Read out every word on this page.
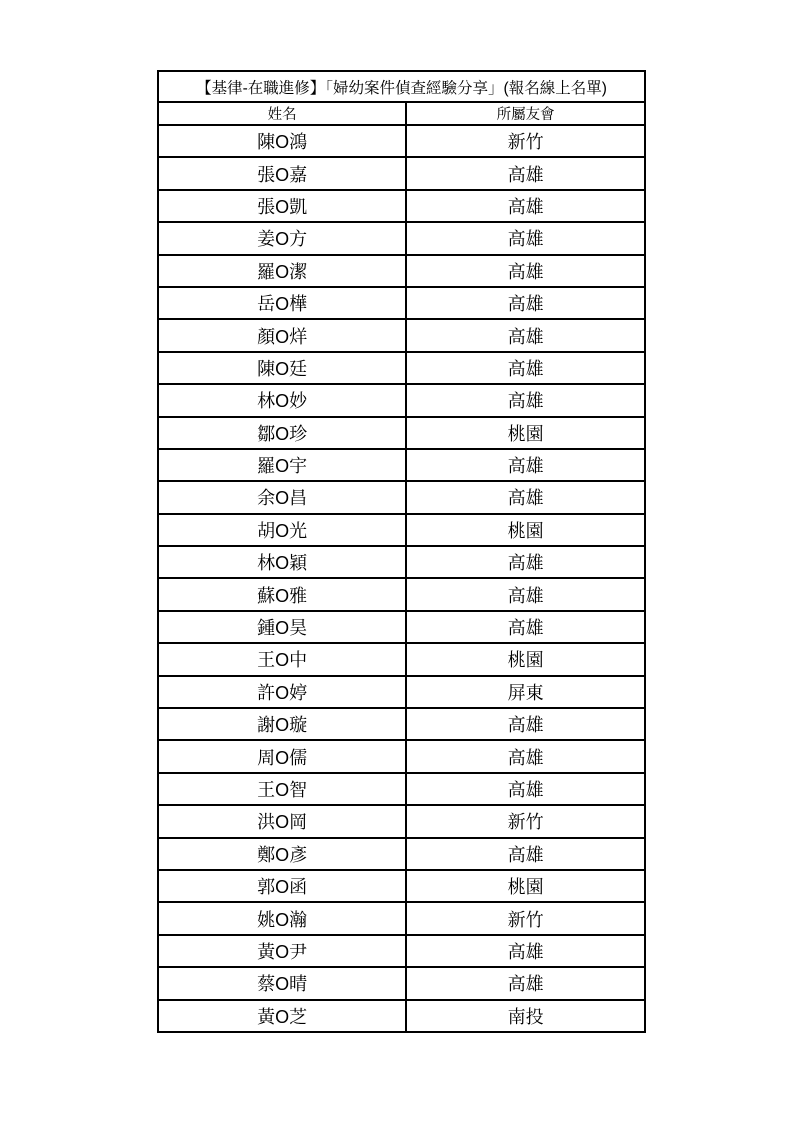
【基律-在職進修】「婦幼案件偵查經驗分享」(報名線上名單)	
姓名	所屬友會
陳O鴻	新竹
張O嘉	高雄
張O凱	高雄
姜O方	高雄
羅O潔	高雄
岳O樺	高雄
顏O烊	高雄
陳O廷	高雄
林O妙	高雄
鄒O珍	桃園
羅O宇	高雄
余O昌	高雄
胡O光	桃園
林O穎	高雄
蘇O雅	高雄
鍾O昊	高雄
王O中	桃園
許O婷	屏東
謝O璇	高雄
周O儒	高雄
王O智	高雄
洪O岡	新竹
鄭O彥	高雄
郭O函	桃園
姚O瀚	新竹
黃O尹	高雄
蔡O晴	高雄
黃O芝	南投
